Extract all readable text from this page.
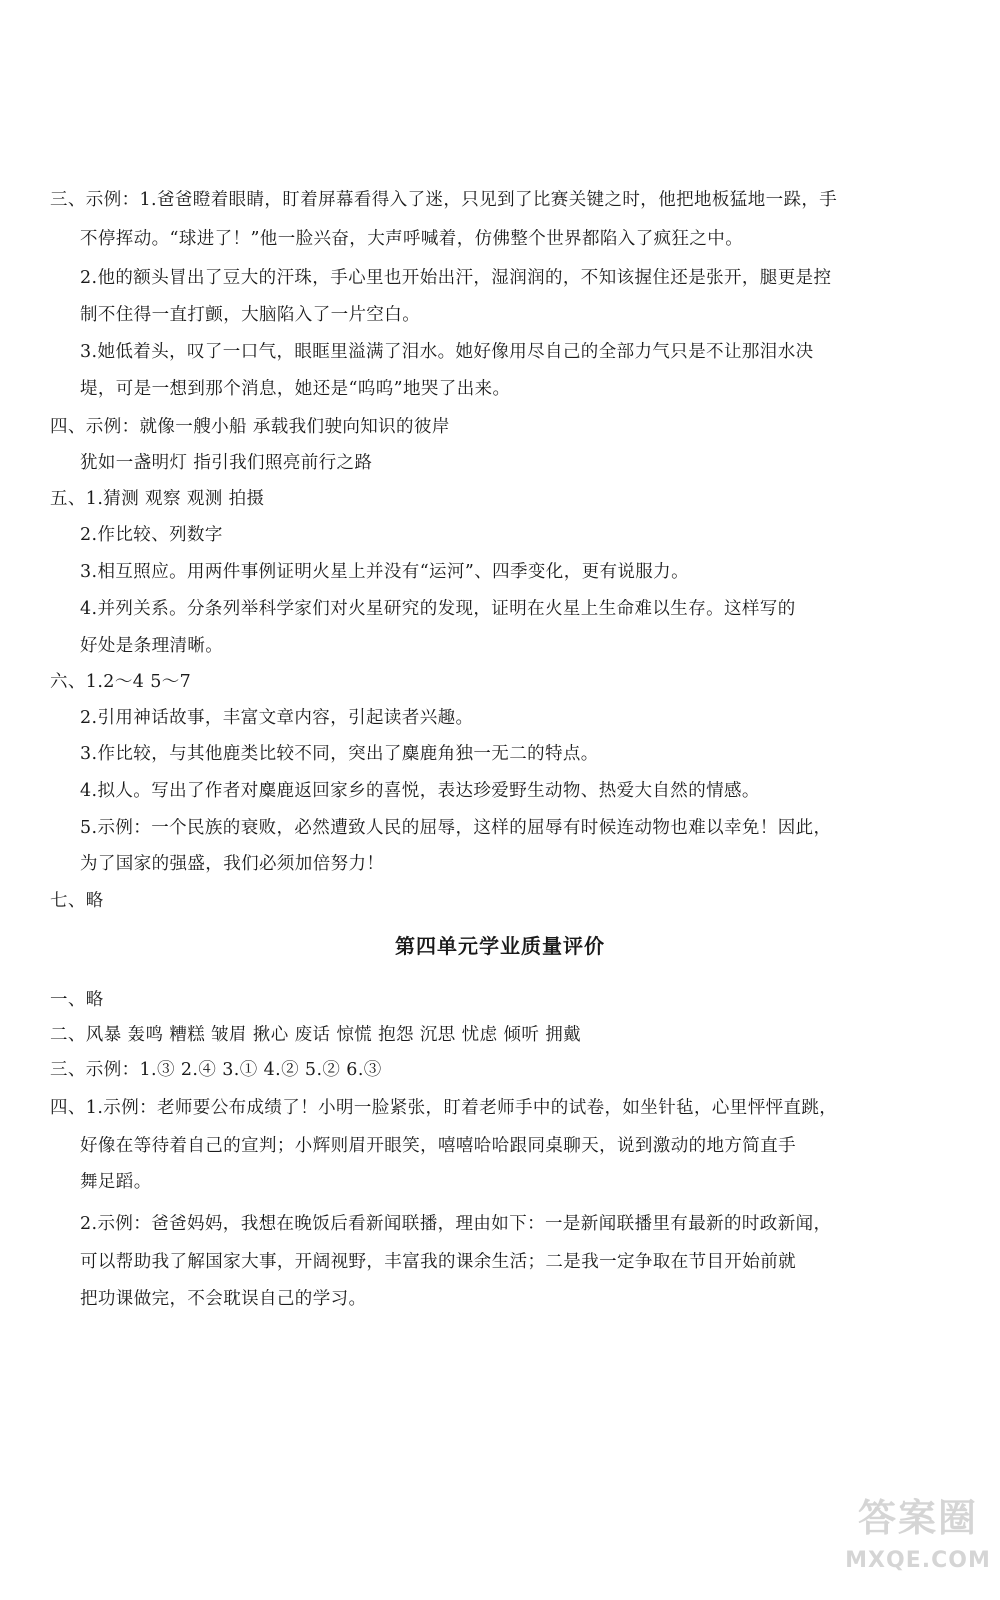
三、示例：1.爸爸瞪着眼睛，盯着屏幕看得入了迷，只见到了比赛关键之时，他把地板猛地一跺，手
不停挥动。“球进了！”他一脸兴奋，大声呼喊着，仿佛整个世界都陷入了疯狂之中。
2.他的额头冒出了豆大的汗珠，手心里也开始出汗，湿润润的，不知该握住还是张开，腿更是控
制不住得一直打颤，大脑陷入了一片空白。
3.她低着头，叹了一口气，眼眶里溢满了泪水。她好像用尽自己的全部力气只是不让那泪水决
堤，可是一想到那个消息，她还是“呜呜”地哭了出来。
四、示例：就像一艘小船 承载我们驶向知识的彼岸
犹如一盏明灯 指引我们照亮前行之路
五、1.猜测 观察 观测 拍摄
2.作比较、列数字
3.相互照应。用两件事例证明火星上并没有“运河”、四季变化，更有说服力。
4.并列关系。分条列举科学家们对火星研究的发现，证明在火星上生命难以生存。这样写的
好处是条理清晰。
六、1.2～4 5～7
2.引用神话故事，丰富文章内容，引起读者兴趣。
3.作比较，与其他鹿类比较不同，突出了麋鹿角独一无二的特点。
4.拟人。写出了作者对麋鹿返回家乡的喜悦，表达珍爱野生动物、热爱大自然的情感。
5.示例：一个民族的衰败，必然遭致人民的屈辱，这样的屈辱有时候连动物也难以幸免！因此，
为了国家的强盛，我们必须加倍努力！
七、略
第四单元学业质量评价
一、略
二、风暴 轰鸣 糟糕 皱眉 揪心 废话 惊慌 抱怨 沉思 忧虑 倾听 拥戴
三、示例：1.③ 2.④ 3.① 4.② 5.② 6.③
四、1.示例：老师要公布成绩了！小明一脸紧张，盯着老师手中的试卷，如坐针毡，心里怦怦直跳，
好像在等待着自己的宣判；小辉则眉开眼笑，嘻嘻哈哈跟同桌聊天，说到激动的地方简直手
舞足蹈。
2.示例：爸爸妈妈，我想在晚饭后看新闻联播，理由如下：一是新闻联播里有最新的时政新闻，
可以帮助我了解国家大事，开阔视野，丰富我的课余生活；二是我一定争取在节目开始前就
把功课做完，不会耽误自己的学习。
答案圈
MXQE.COM
